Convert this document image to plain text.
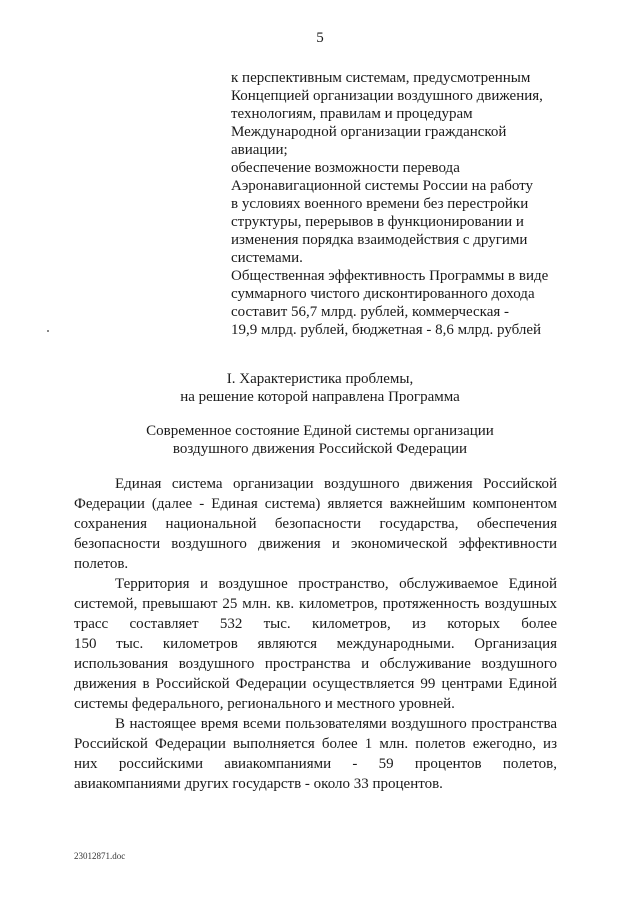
5
к перспективным системам, предусмотренным
Концепцией организации воздушного движения,
технологиям, правилам и процедурам
Международной организации гражданской
авиации;
обеспечение возможности перевода
Аэронавигационной системы России на работу
в условиях военного времени без перестройки
структуры, перерывов в функционировании и
изменения порядка взаимодействия с другими
системами.
Общественная эффективность Программы в виде
суммарного чистого дисконтированного дохода
составит 56,7 млрд. рублей, коммерческая -
19,9 млрд. рублей, бюджетная - 8,6 млрд. рублей
I. Характеристика проблемы,
на решение которой направлена Программа
Современное состояние Единой системы организации
воздушного движения Российской Федерации
Единая система организации воздушного движения Российской
Федерации (далее - Единая система) является важнейшим компонентом
сохранения национальной безопасности государства, обеспечения
безопасности воздушного движения и экономической эффективности
полетов.
Территория и воздушное пространство, обслуживаемое Единой
системой, превышают 25 млн. кв. километров, протяженность воздушных
трасс составляет 532 тыс. километров, из которых более
150 тыс. километров являются международными. Организация
использования воздушного пространства и обслуживание воздушного
движения в Российской Федерации осуществляется 99 центрами Единой
системы федерального, регионального и местного уровней.
В настоящее время всеми пользователями воздушного пространства
Российской Федерации выполняется более 1 млн. полетов ежегодно, из
них российскими авиакомпаниями - 59 процентов полетов,
авиакомпаниями других государств - около 33 процентов.
23012871.doc
